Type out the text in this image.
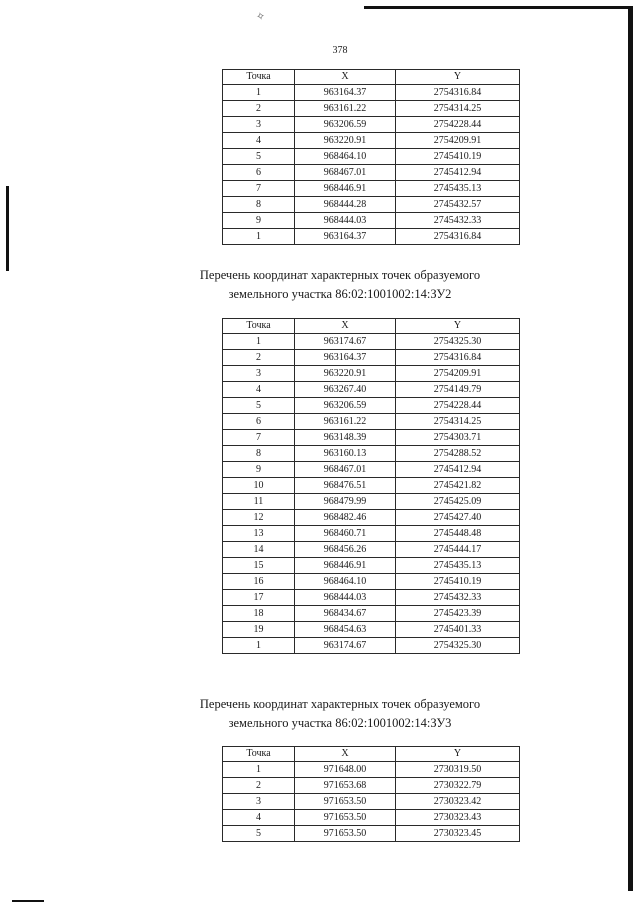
✧
378
Точка	X	Y
1	963164.37	2754316.84
2	963161.22	2754314.25
3	963206.59	2754228.44
4	963220.91	2754209.91
5	968464.10	2745410.19
6	968467.01	2745412.94
7	968446.91	2745435.13
8	968444.28	2745432.57
9	968444.03	2745432.33
1	963164.37	2754316.84
Перечень координат характерных точек образуемого
земельного участка 86:02:1001002:14:ЗУ2
Точка	X	Y
1	963174.67	2754325.30
2	963164.37	2754316.84
3	963220.91	2754209.91
4	963267.40	2754149.79
5	963206.59	2754228.44
6	963161.22	2754314.25
7	963148.39	2754303.71
8	963160.13	2754288.52
9	968467.01	2745412.94
10	968476.51	2745421.82
11	968479.99	2745425.09
12	968482.46	2745427.40
13	968460.71	2745448.48
14	968456.26	2745444.17
15	968446.91	2745435.13
16	968464.10	2745410.19
17	968444.03	2745432.33
18	968434.67	2745423.39
19	968454.63	2745401.33
1	963174.67	2754325.30
Перечень координат характерных точек образуемого
земельного участка 86:02:1001002:14:ЗУ3
Точка	X	Y
1	971648.00	2730319.50
2	971653.68	2730322.79
3	971653.50	2730323.42
4	971653.50	2730323.43
5	971653.50	2730323.45
